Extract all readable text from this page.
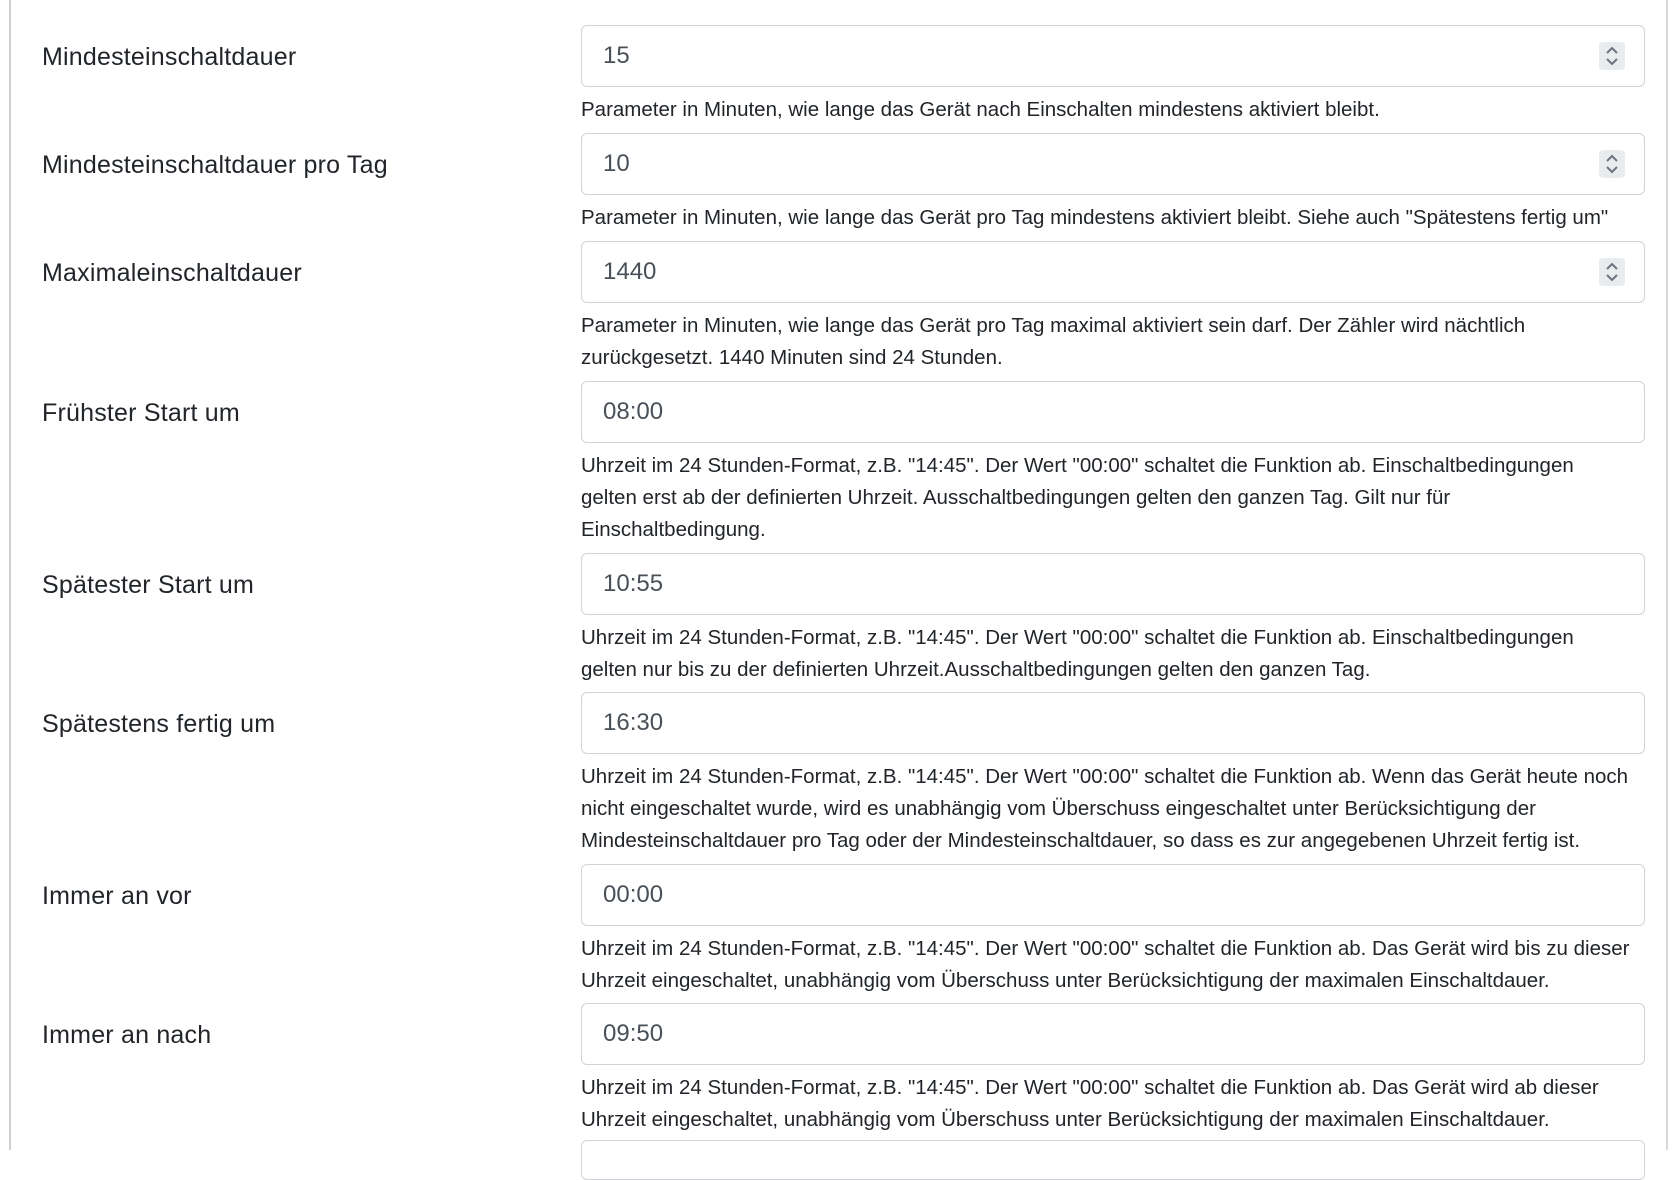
Mindesteinschaltdauer	15
Parameter in Minuten, wie lange das Gerät nach Einschalten mindestens aktiviert bleibt.
Mindesteinschaltdauer pro Tag	10
Parameter in Minuten, wie lange das Gerät pro Tag mindestens aktiviert bleibt. Siehe auch "Spätestens fertig um"
Maximaleinschaltdauer	1440
Parameter in Minuten, wie lange das Gerät pro Tag maximal aktiviert sein darf. Der Zähler wird nächtlich
zurückgesetzt. 1440 Minuten sind 24 Stunden.
Frühster Start um	08:00
Uhrzeit im 24 Stunden-Format, z.B. "14:45". Der Wert "00:00" schaltet die Funktion ab. Einschaltbedingungen
gelten erst ab der definierten Uhrzeit. Ausschaltbedingungen gelten den ganzen Tag. Gilt nur für
Einschaltbedingung.
Spätester Start um	10:55
Uhrzeit im 24 Stunden-Format, z.B. "14:45". Der Wert "00:00" schaltet die Funktion ab. Einschaltbedingungen
gelten nur bis zu der definierten Uhrzeit.Ausschaltbedingungen gelten den ganzen Tag.
Spätestens fertig um	16:30
Uhrzeit im 24 Stunden-Format, z.B. "14:45". Der Wert "00:00" schaltet die Funktion ab. Wenn das Gerät heute noch
nicht eingeschaltet wurde, wird es unabhängig vom Überschuss eingeschaltet unter Berücksichtigung der
Mindesteinschaltdauer pro Tag oder der Mindesteinschaltdauer, so dass es zur angegebenen Uhrzeit fertig ist.
Immer an vor	00:00
Uhrzeit im 24 Stunden-Format, z.B. "14:45". Der Wert "00:00" schaltet die Funktion ab. Das Gerät wird bis zu dieser
Uhrzeit eingeschaltet, unabhängig vom Überschuss unter Berücksichtigung der maximalen Einschaltdauer.
Immer an nach	09:50
Uhrzeit im 24 Stunden-Format, z.B. "14:45". Der Wert "00:00" schaltet die Funktion ab. Das Gerät wird ab dieser
Uhrzeit eingeschaltet, unabhängig vom Überschuss unter Berücksichtigung der maximalen Einschaltdauer.
